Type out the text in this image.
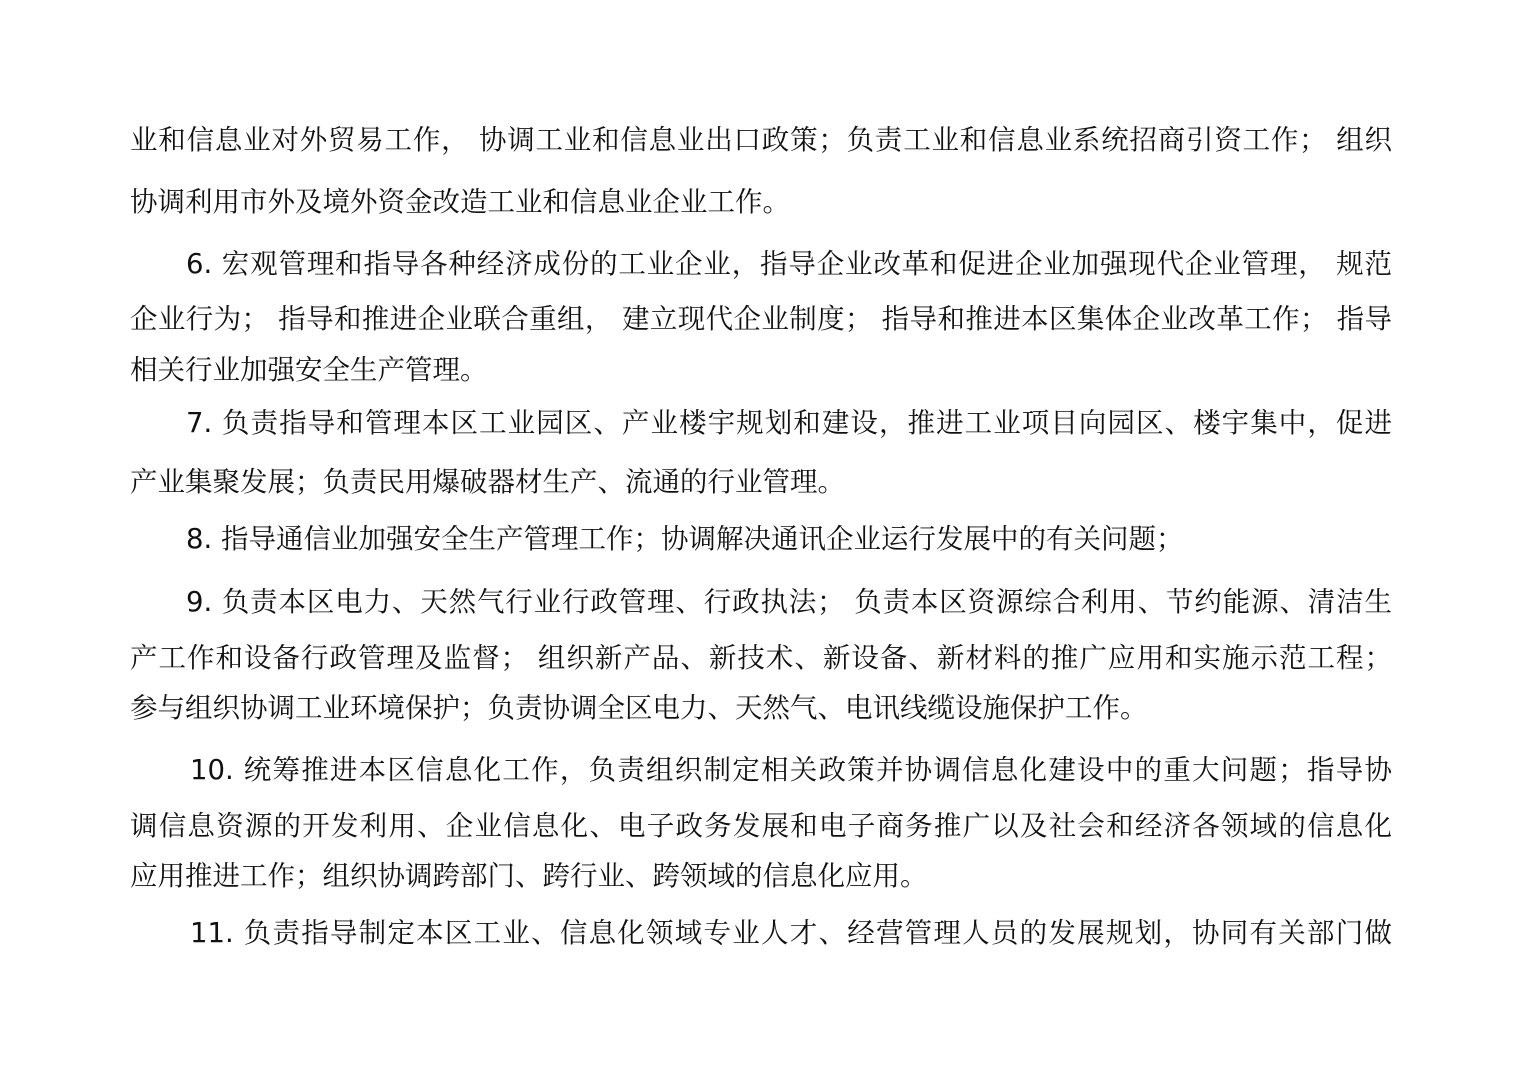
业和信息业对外贸易工作， 协调工业和信息业出口政策；负责工业和信息业系统招商引资工作； 组织
协调利用市外及境外资金改造工业和信息业企业工作。
6. 宏观管理和指导各种经济成份的工业企业，指导企业改革和促进企业加强现代企业管理， 规范
企业行为； 指导和推进企业联合重组， 建立现代企业制度； 指导和推进本区集体企业改革工作； 指导
相关行业加强安全生产管理。
7. 负责指导和管理本区工业园区、产业楼宇规划和建设，推进工业项目向园区、楼宇集中，促进
产业集聚发展；负责民用爆破器材生产、流通的行业管理。
8. 指导通信业加强安全生产管理工作；协调解决通讯企业运行发展中的有关问题；
9. 负责本区电力、天然气行业行政管理、行政执法； 负责本区资源综合利用、节约能源、清洁生
产工作和设备行政管理及监督； 组织新产品、新技术、新设备、新材料的推广应用和实施示范工程；
参与组织协调工业环境保护；负责协调全区电力、天然气、电讯线缆设施保护工作。
10. 统筹推进本区信息化工作，负责组织制定相关政策并协调信息化建设中的重大问题；指导协
调信息资源的开发利用、企业信息化、电子政务发展和电子商务推广以及社会和经济各领域的信息化
应用推进工作；组织协调跨部门、跨行业、跨领域的信息化应用。
11. 负责指导制定本区工业、信息化领域专业人才、经营管理人员的发展规划，协同有关部门做
